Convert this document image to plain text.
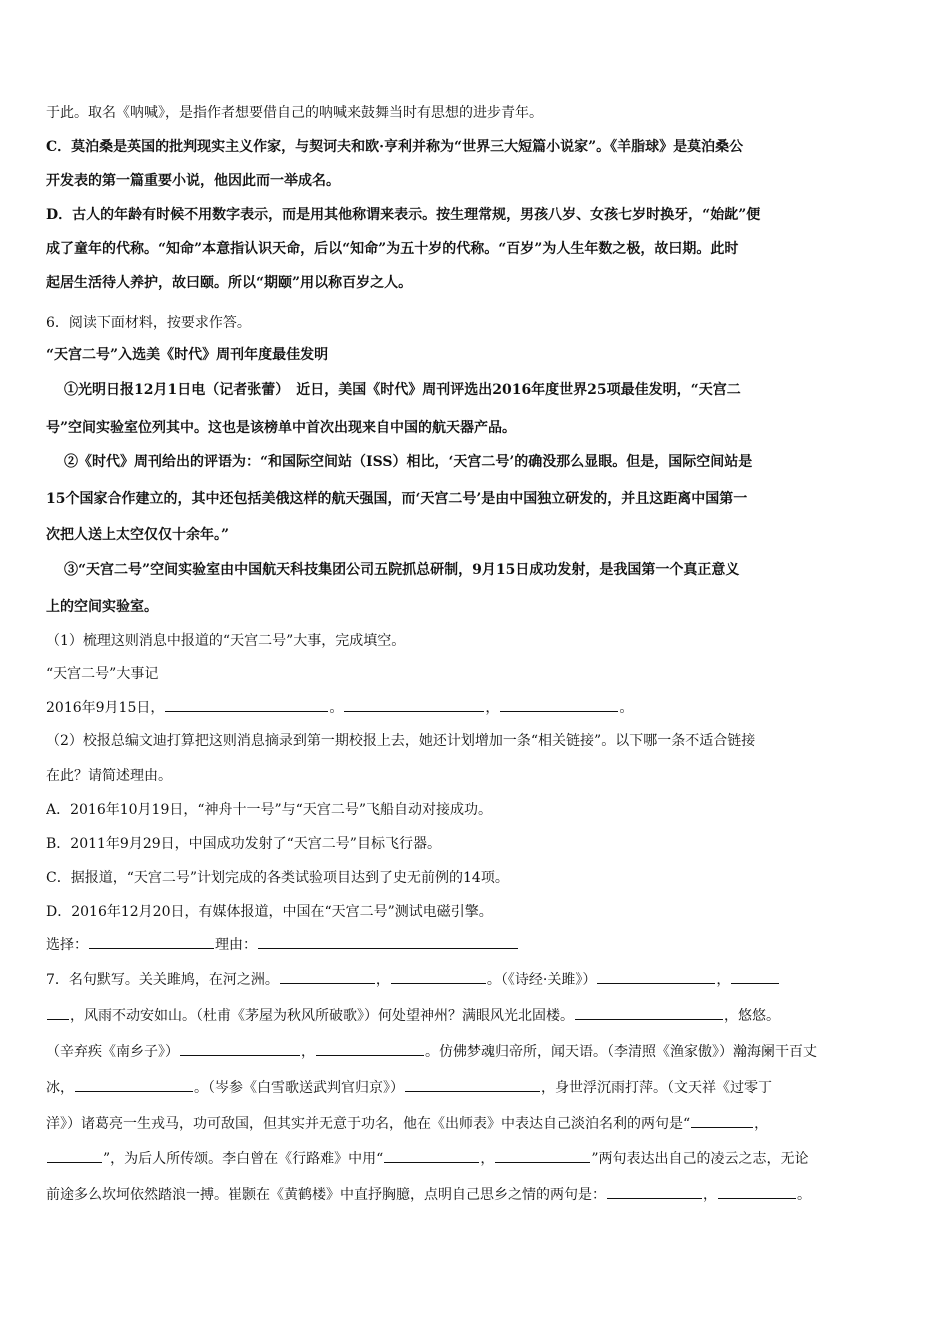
于此。取名《呐喊》，是指作者想要借自己的呐喊来鼓舞当时有思想的进步青年。
C．莫泊桑是英国的批判现实主义作家，与契诃夫和欧·亨利并称为“世界三大短篇小说家”。《羊脂球》是莫泊桑公
开发表的第一篇重要小说，他因此而一举成名。
D．古人的年龄有时候不用数字表示，而是用其他称谓来表示。按生理常规，男孩八岁、女孩七岁时换牙，“始龀”便
成了童年的代称。“知命”本意指认识天命，后以“知命”为五十岁的代称。“百岁”为人生年数之极，故曰期。此时
起居生活待人养护，故曰颐。所以“期颐”用以称百岁之人。
6．阅读下面材料，按要求作答。
“天宫二号”入选美《时代》周刊年度最佳发明
①光明日报12月1日电（记者张蕾）　近日，美国《时代》周刊评选出2016年度世界25项最佳发明，“天宫二
号”空间实验室位列其中。这也是该榜单中首次出现来自中国的航天器产品。
②《时代》周刊给出的评语为：“和国际空间站（ISS）相比，‘天宫二号’的确没那么显眼。但是，国际空间站是
15个国家合作建立的，其中还包括美俄这样的航天强国，而‘天宫二号’是由中国独立研发的，并且这距离中国第一
次把人送上太空仅仅十余年。”
③“天宫二号”空间实验室由中国航天科技集团公司五院抓总研制，9月15日成功发射，是我国第一个真正意义
上的空间实验室。
（1）梳理这则消息中报道的“天宫二号”大事，完成填空。
“天宫二号”大事记
2016年9月15日，	。	，	。
（2）校报总编文迪打算把这则消息摘录到第一期校报上去，她还计划增加一条“相关链接”。以下哪一条不适合链接
在此？请简述理由。
A．2016年10月19日，“神舟十一号”与“天宫二号”飞船自动对接成功。
B．2011年9月29日，中国成功发射了“天宫二号”目标飞行器。
C．据报道，“天宫二号”计划完成的各类试验项目达到了史无前例的14项。
D．2016年12月20日，有媒体报道，中国在“天宫二号”测试电磁引擎。
选择：	理由：
7．名句默写。关关雎鸠，在河之洲。	，	。（《诗经·关雎》）	，
，风雨不动安如山。（杜甫《茅屋为秋风所破歌》）何处望神州？满眼风光北固楼。	，悠悠。
（辛弃疾《南乡子》）	，	。仿佛梦魂归帝所，闻天语。（李清照《渔家傲》）瀚海阑干百丈
冰，	。（岑参《白雪歌送武判官归京》）	，身世浮沉雨打萍。（文天祥《过零丁
洋》）诸葛亮一生戎马，功可敌国，但其实并无意于功名，他在《出师表》中表达自己淡泊名利的两句是“	，
”，为后人所传颂。李白曾在《行路难》中用“	，	”两句表达出自己的凌云之志，无论
前途多么坎坷依然踏浪一搏。崔颢在《黄鹤楼》中直抒胸臆，点明自己思乡之情的两句是：	，	。
